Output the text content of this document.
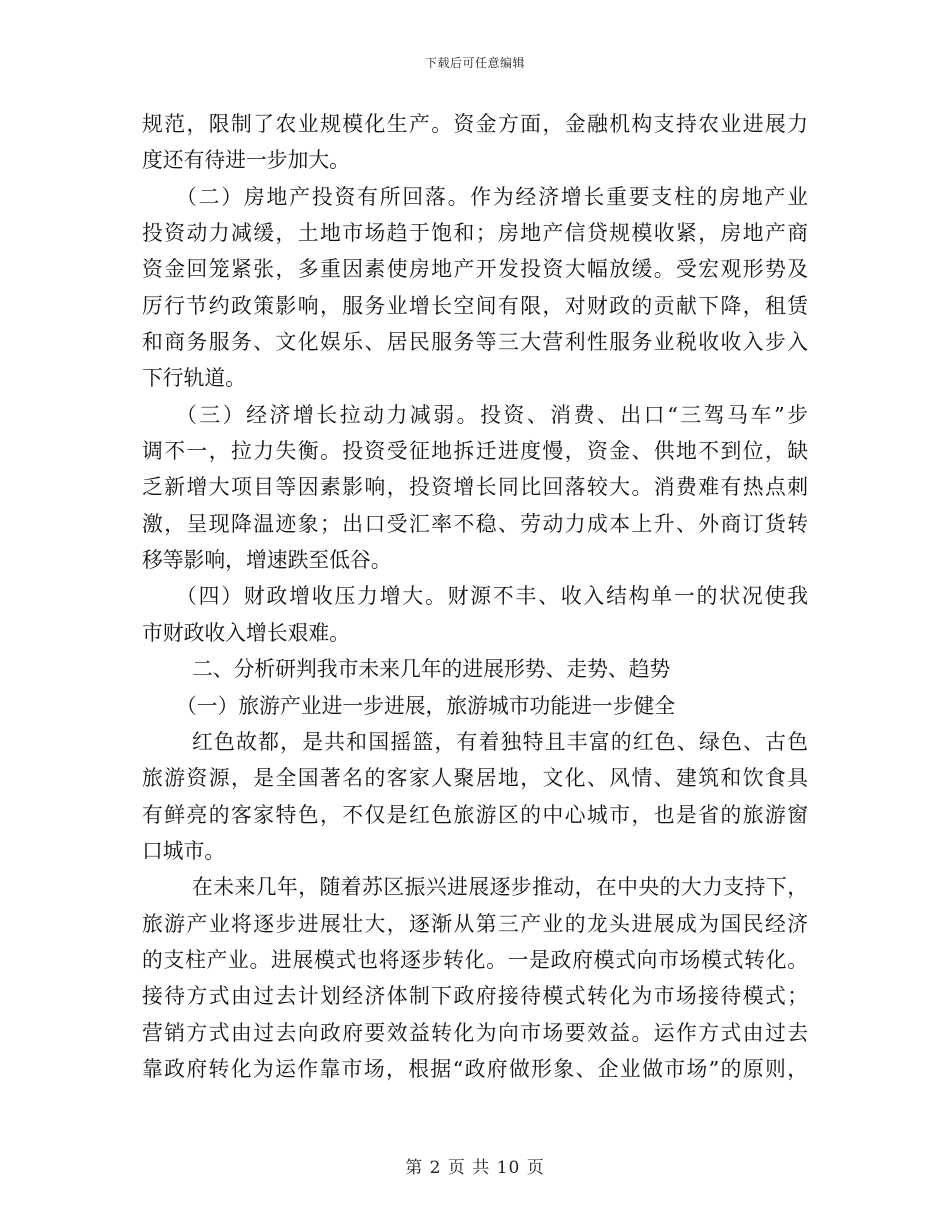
下载后可任意编辑
规范，限制了农业规模化生产。资金方面，金融机构支持农业进展力
度还有待进一步加大。
（二）房地产投资有所回落。作为经济增长重要支柱的房地产业
投资动力减缓，土地市场趋于饱和；房地产信贷规模收紧，房地产商
资金回笼紧张，多重因素使房地产开发投资大幅放缓。受宏观形势及
厉行节约政策影响，服务业增长空间有限，对财政的贡献下降，租赁
和商务服务、文化娱乐、居民服务等三大营利性服务业税收收入步入
下行轨道。
（三）经济增长拉动力减弱。投资、消费、出口“三驾马车”步
调不一，拉力失衡。投资受征地拆迁进度慢，资金、供地不到位，缺
乏新增大项目等因素影响，投资增长同比回落较大。消费难有热点刺
激，呈现降温迹象；出口受汇率不稳、劳动力成本上升、外商订货转
移等影响，增速跌至低谷。
（四）财政增收压力增大。财源不丰、收入结构单一的状况使我
市财政收入增长艰难。
二、分析研判我市未来几年的进展形势、走势、趋势
（一）旅游产业进一步进展，旅游城市功能进一步健全
红色故都，是共和国摇篮，有着独特且丰富的红色、绿色、古色
旅游资源，是全国著名的客家人聚居地，文化、风情、建筑和饮食具
有鲜亮的客家特色，不仅是红色旅游区的中心城市，也是省的旅游窗
口城市。
在未来几年，随着苏区振兴进展逐步推动，在中央的大力支持下，
旅游产业将逐步进展壮大，逐渐从第三产业的龙头进展成为国民经济
的支柱产业。进展模式也将逐步转化。一是政府模式向市场模式转化。
接待方式由过去计划经济体制下政府接待模式转化为市场接待模式；
营销方式由过去向政府要效益转化为向市场要效益。运作方式由过去
靠政府转化为运作靠市场，根据“政府做形象、企业做市场”的原则，
第 2 页 共 10 页
